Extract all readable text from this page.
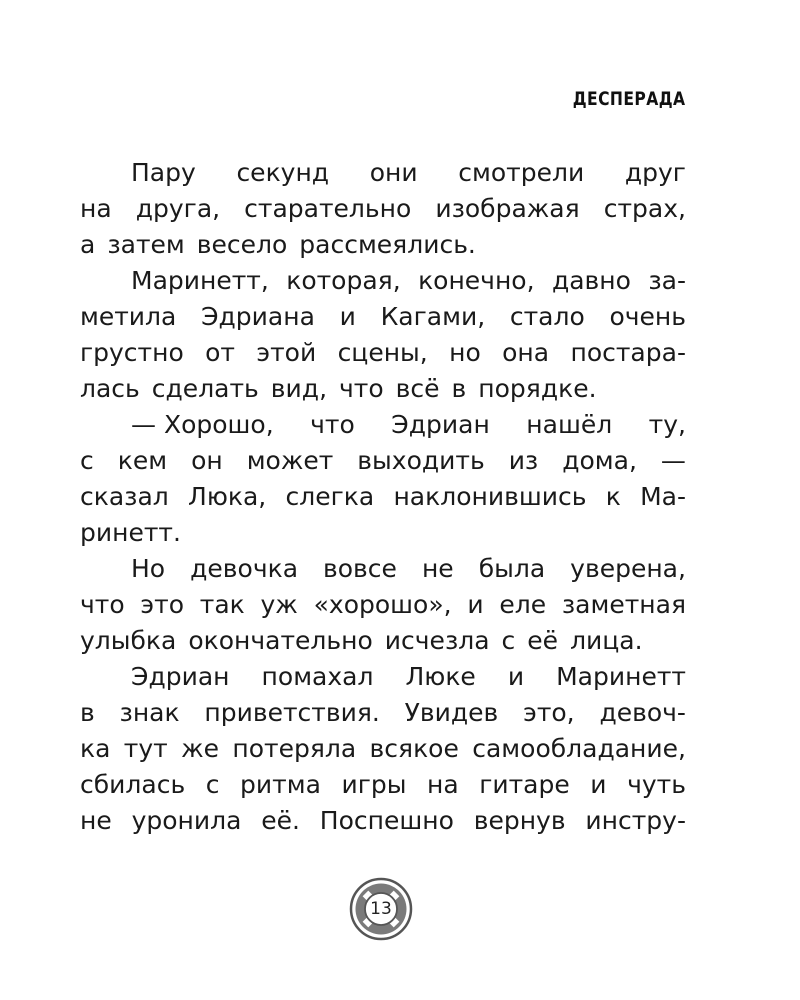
ДЕСПЕРАДА
Пару секунд они смотрели друг
на друга, старательно изображая страх,
а затем весело рассмеялись.
Маринетт, которая, конечно, давно за-
метила Эдриана и Кагами, стало очень
грустно от этой сцены, но она постара-
лась сделать вид, что всё в порядке.
— Хорошо, что Эдриан нашёл ту,
с кем он может выходить из дома, —
сказал Люка, слегка наклонившись к Ма-
ринетт.
Но девочка вовсе не была уверена,
что это так уж «хорошо», и еле заметная
улыбка окончательно исчезла с её лица.
Эдриан помахал Люке и Маринетт
в знак приветствия. Увидев это, девоч-
ка тут же потеряла всякое самообладание,
сбилась с ритма игры на гитаре и чуть
не уронила её. Поспешно вернув инстру-
13
